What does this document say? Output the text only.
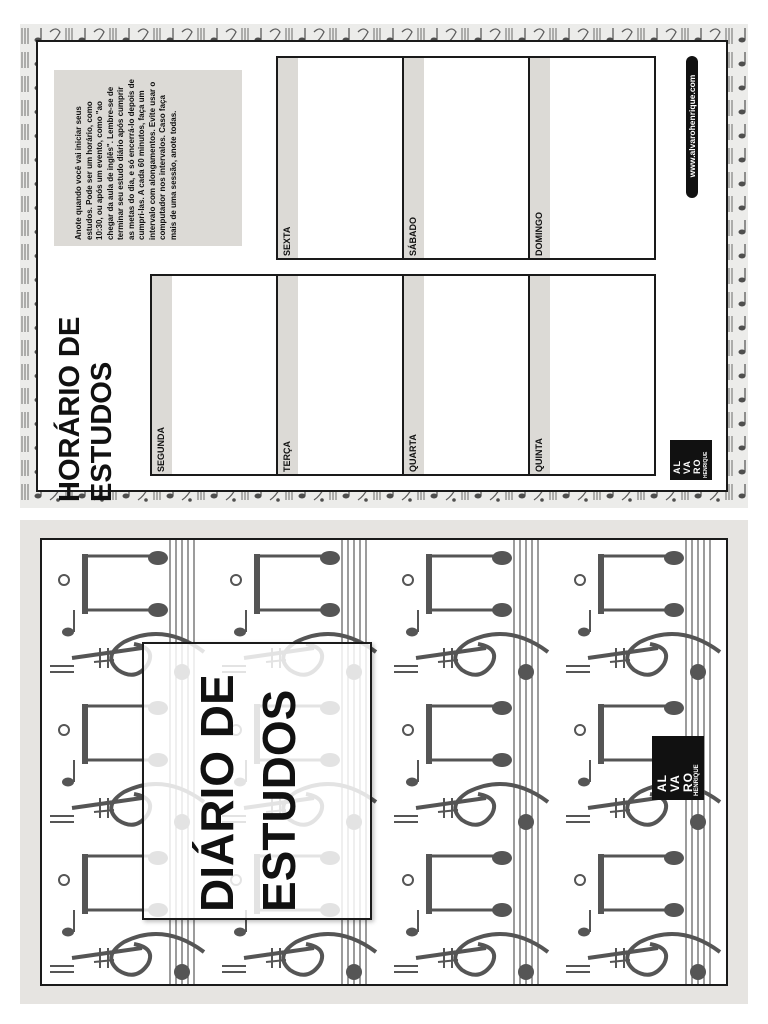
HORÁRIO DE ESTUDOS
Anote quando você vai iniciar seus estudos. Pode ser um horário, como 10:30, ou após um evento, como "ao chegar da aula de inglês". Lembre-se de terminar seu estudo diário após cumprir as metas do dia, e só encerrá-lo depois de cumpri-las. A cada 60 minutos, faça um intervalo com alongamentos. Evite usar o computador nos intervalos. Caso faça mais de uma sessão, anote todas.	www.alvarohenrique.com
SEGUNDA	TERÇA	QUARTA	QUINTA
SEXTA	SÁBADO	DOMINGO
AL VA RO HENRIQUE
DIÁRIO DE ESTUDOS	AL VA RO HENRIQUE
